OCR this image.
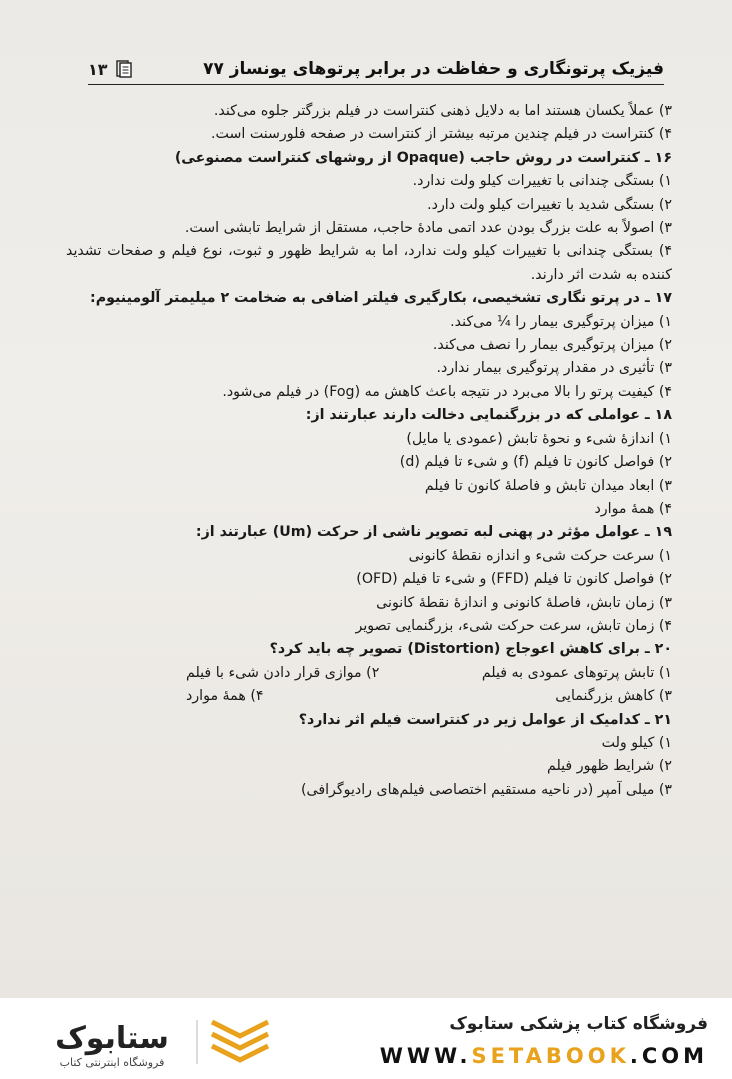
فیزیک پرتونگاری و حفاظت در برابر پرتوهای یونساز ۷۷
۱۳
۳) عملاً یکسان هستند اما به دلایل ذهنی کنتراست در فیلم بزرگتر جلوه می‌کند.
۴) کنتراست در فیلم چندین مرتبه بیشتر از کنتراست در صفحه فلورسنت است.
۱۶ ـ کنتراست در روش حاجب (Opaque از روشهای کنتراست مصنوعی)
۱) بستگی چندانی با تغییرات کیلو ولت ندارد.
۲) بستگی شدید با تغییرات کیلو ولت دارد.
۳) اصولاً به علت بزرگ بودن عدد اتمی مادهٔ حاجب، مستقل از شرایط تابشی است.
۴) بستگی چندانی با تغییرات کیلو ولت ندارد، اما به شرایط ظهور و ثبوت، نوع فیلم و صفحات تشدید کننده به شدت اثر دارند.
۱۷ ـ در پرتو نگاری تشخیصی، بکارگیری فیلتر اضافی به ضخامت ۲ میلیمتر آلومینیوم:
۱) میزان پرتوگیری بیمار را ¼ می‌کند.
۲) میزان پرتوگیری بیمار را نصف می‌کند.
۳) تأثیری در مقدار پرتوگیری بیمار ندارد.
۴) کیفیت پرتو را بالا می‌برد در نتیجه باعث کاهش مه (Fog) در فیلم می‌شود.
۱۸ ـ عواملی که در بزرگنمایی دخالت دارند عبارتند از:
۱) اندازهٔ شیء و نحوهٔ تابش (عمودی یا مایل)
۲) فواصل کانون تا فیلم (f) و شیء تا فیلم (d)
۳) ابعاد میدان تابش و فاصلهٔ کانون تا فیلم
۴) همهٔ موارد
۱۹ ـ عوامل مؤثر در پهنی لبه تصویر ناشی از حرکت (Um) عبارتند از:
۱) سرعت حرکت شیء و اندازه نقطهٔ کانونی
۲) فواصل کانون تا فیلم (FFD) و شیء تا فیلم (OFD)
۳) زمان تابش، فاصلهٔ کانونی و اندازهٔ نقطهٔ کانونی
۴) زمان تابش، سرعت حرکت شیء، بزرگنمایی تصویر
۲۰ ـ برای کاهش اعوجاج (Distortion) تصویر چه باید کرد؟
۱) تابش پرتوهای عمودی به فیلم
۲) موازی قرار دادن شیء با فیلم
۳) کاهش بزرگنمایی
۴) همهٔ موارد
۲۱ ـ کدامیک از عوامل زیر در کنتراست فیلم اثر ندارد؟
۱) کیلو ولت
۲) شرایط ظهور فیلم
۳) میلی آمپر (در ناحیه مستقیم اختصاصی فیلم‌های رادیوگرافی)
ستابوک
فروشگاه اینترنتی کتاب
فروشگاه کتاب پزشکی ستابوک
WWW.SETABOOK.COM
